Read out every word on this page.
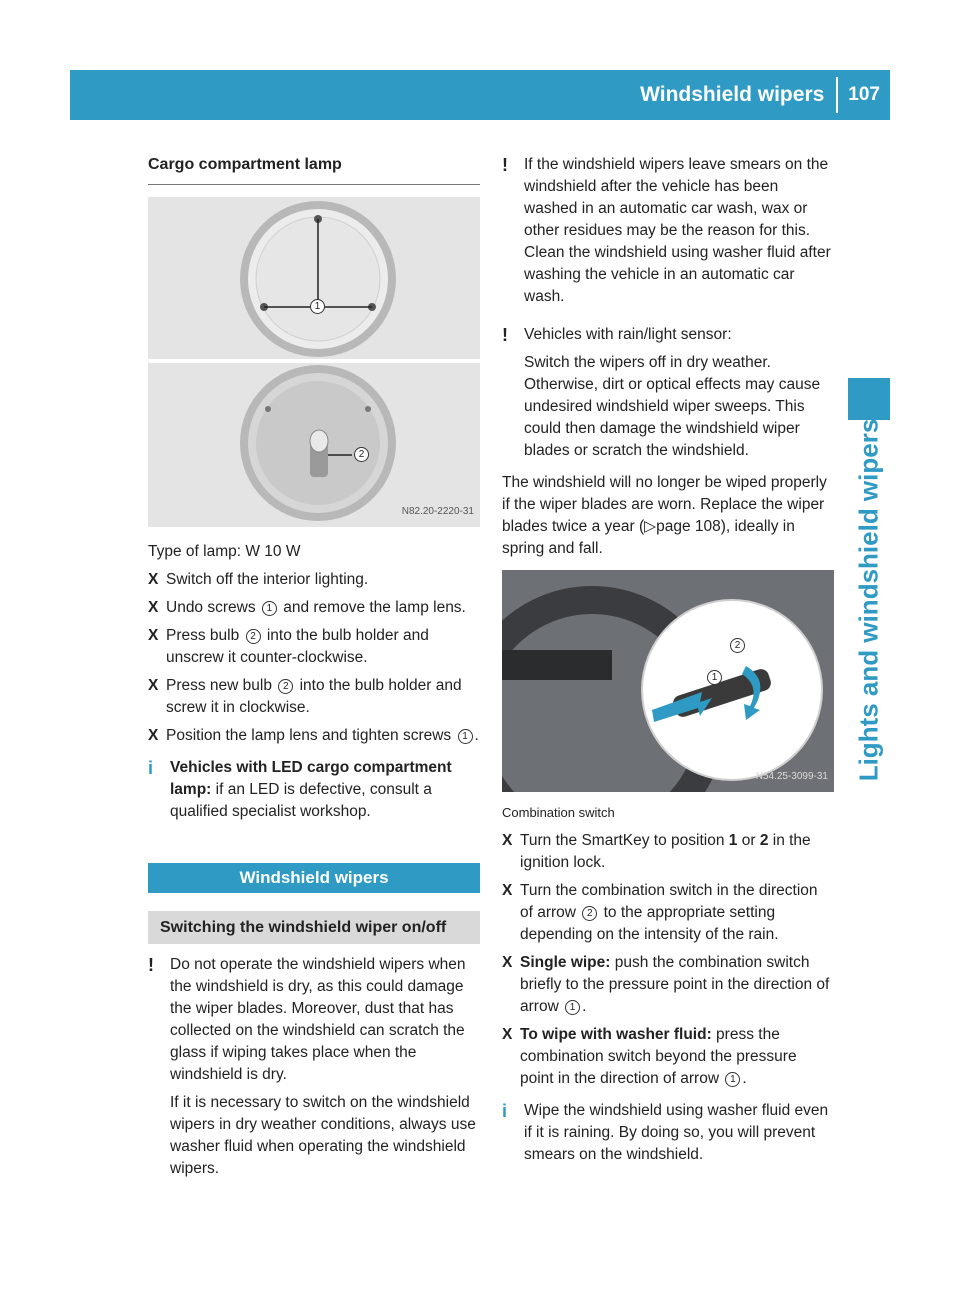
Windshield wipers	107
Lights and windshield wipers
Cargo compartment lamp
1
2
N82.20-2220-31

Type of lamp: W 10 W

X Switch off the interior lighting.
X Undo screws 1 and remove the lamp lens.
X Press bulb 2 into the bulb holder and unscrew it counter-clockwise.
X Press new bulb 2 into the bulb holder and screw it in clockwise.
X Position the lamp lens and tighten screws 1 .
i	Vehicles with LED cargo compartment lamp: if an LED is defective, consult a qualified specialist workshop.

Windshield wipers
Switching the windshield wiper on/off
!	Do not operate the windshield wipers when the windshield is dry, as this could damage the wiper blades. Moreover, dust that has collected on the windshield can scratch the glass if wiping takes place when the windshield is dry.

If it is necessary to switch on the windshield wipers in dry weather conditions, always use washer fluid when operating the windshield wipers.

!	If the windshield wipers leave smears on the windshield after the vehicle has been washed in an automatic car wash, wax or other residues may be the reason for this. Clean the windshield using washer fluid after washing the vehicle in an automatic car wash.

!	Vehicles with rain/light sensor:

Switch the wipers off in dry weather. Otherwise, dirt or optical effects may cause undesired windshield wiper sweeps. This could then damage the windshield wiper blades or scratch the windshield.

The windshield will no longer be wiped properly if the wiper blades are worn. Replace the wiper blades twice a year (▷page 108), ideally in spring and fall.

1
2
N54.25-3099-31
Combination switch
X Turn the SmartKey to position 1 or 2 in the ignition lock.
X Turn the combination switch in the direction of arrow 2 to the appropriate setting depending on the intensity of the rain.
X Single wipe: push the combination switch briefly to the pressure point in the direction of arrow 1 .
X To wipe with washer fluid: press the combination switch beyond the pressure point in the direction of arrow 1 .
i	Wipe the windshield using washer fluid even if it is raining. By doing so, you will prevent smears on the windshield.
